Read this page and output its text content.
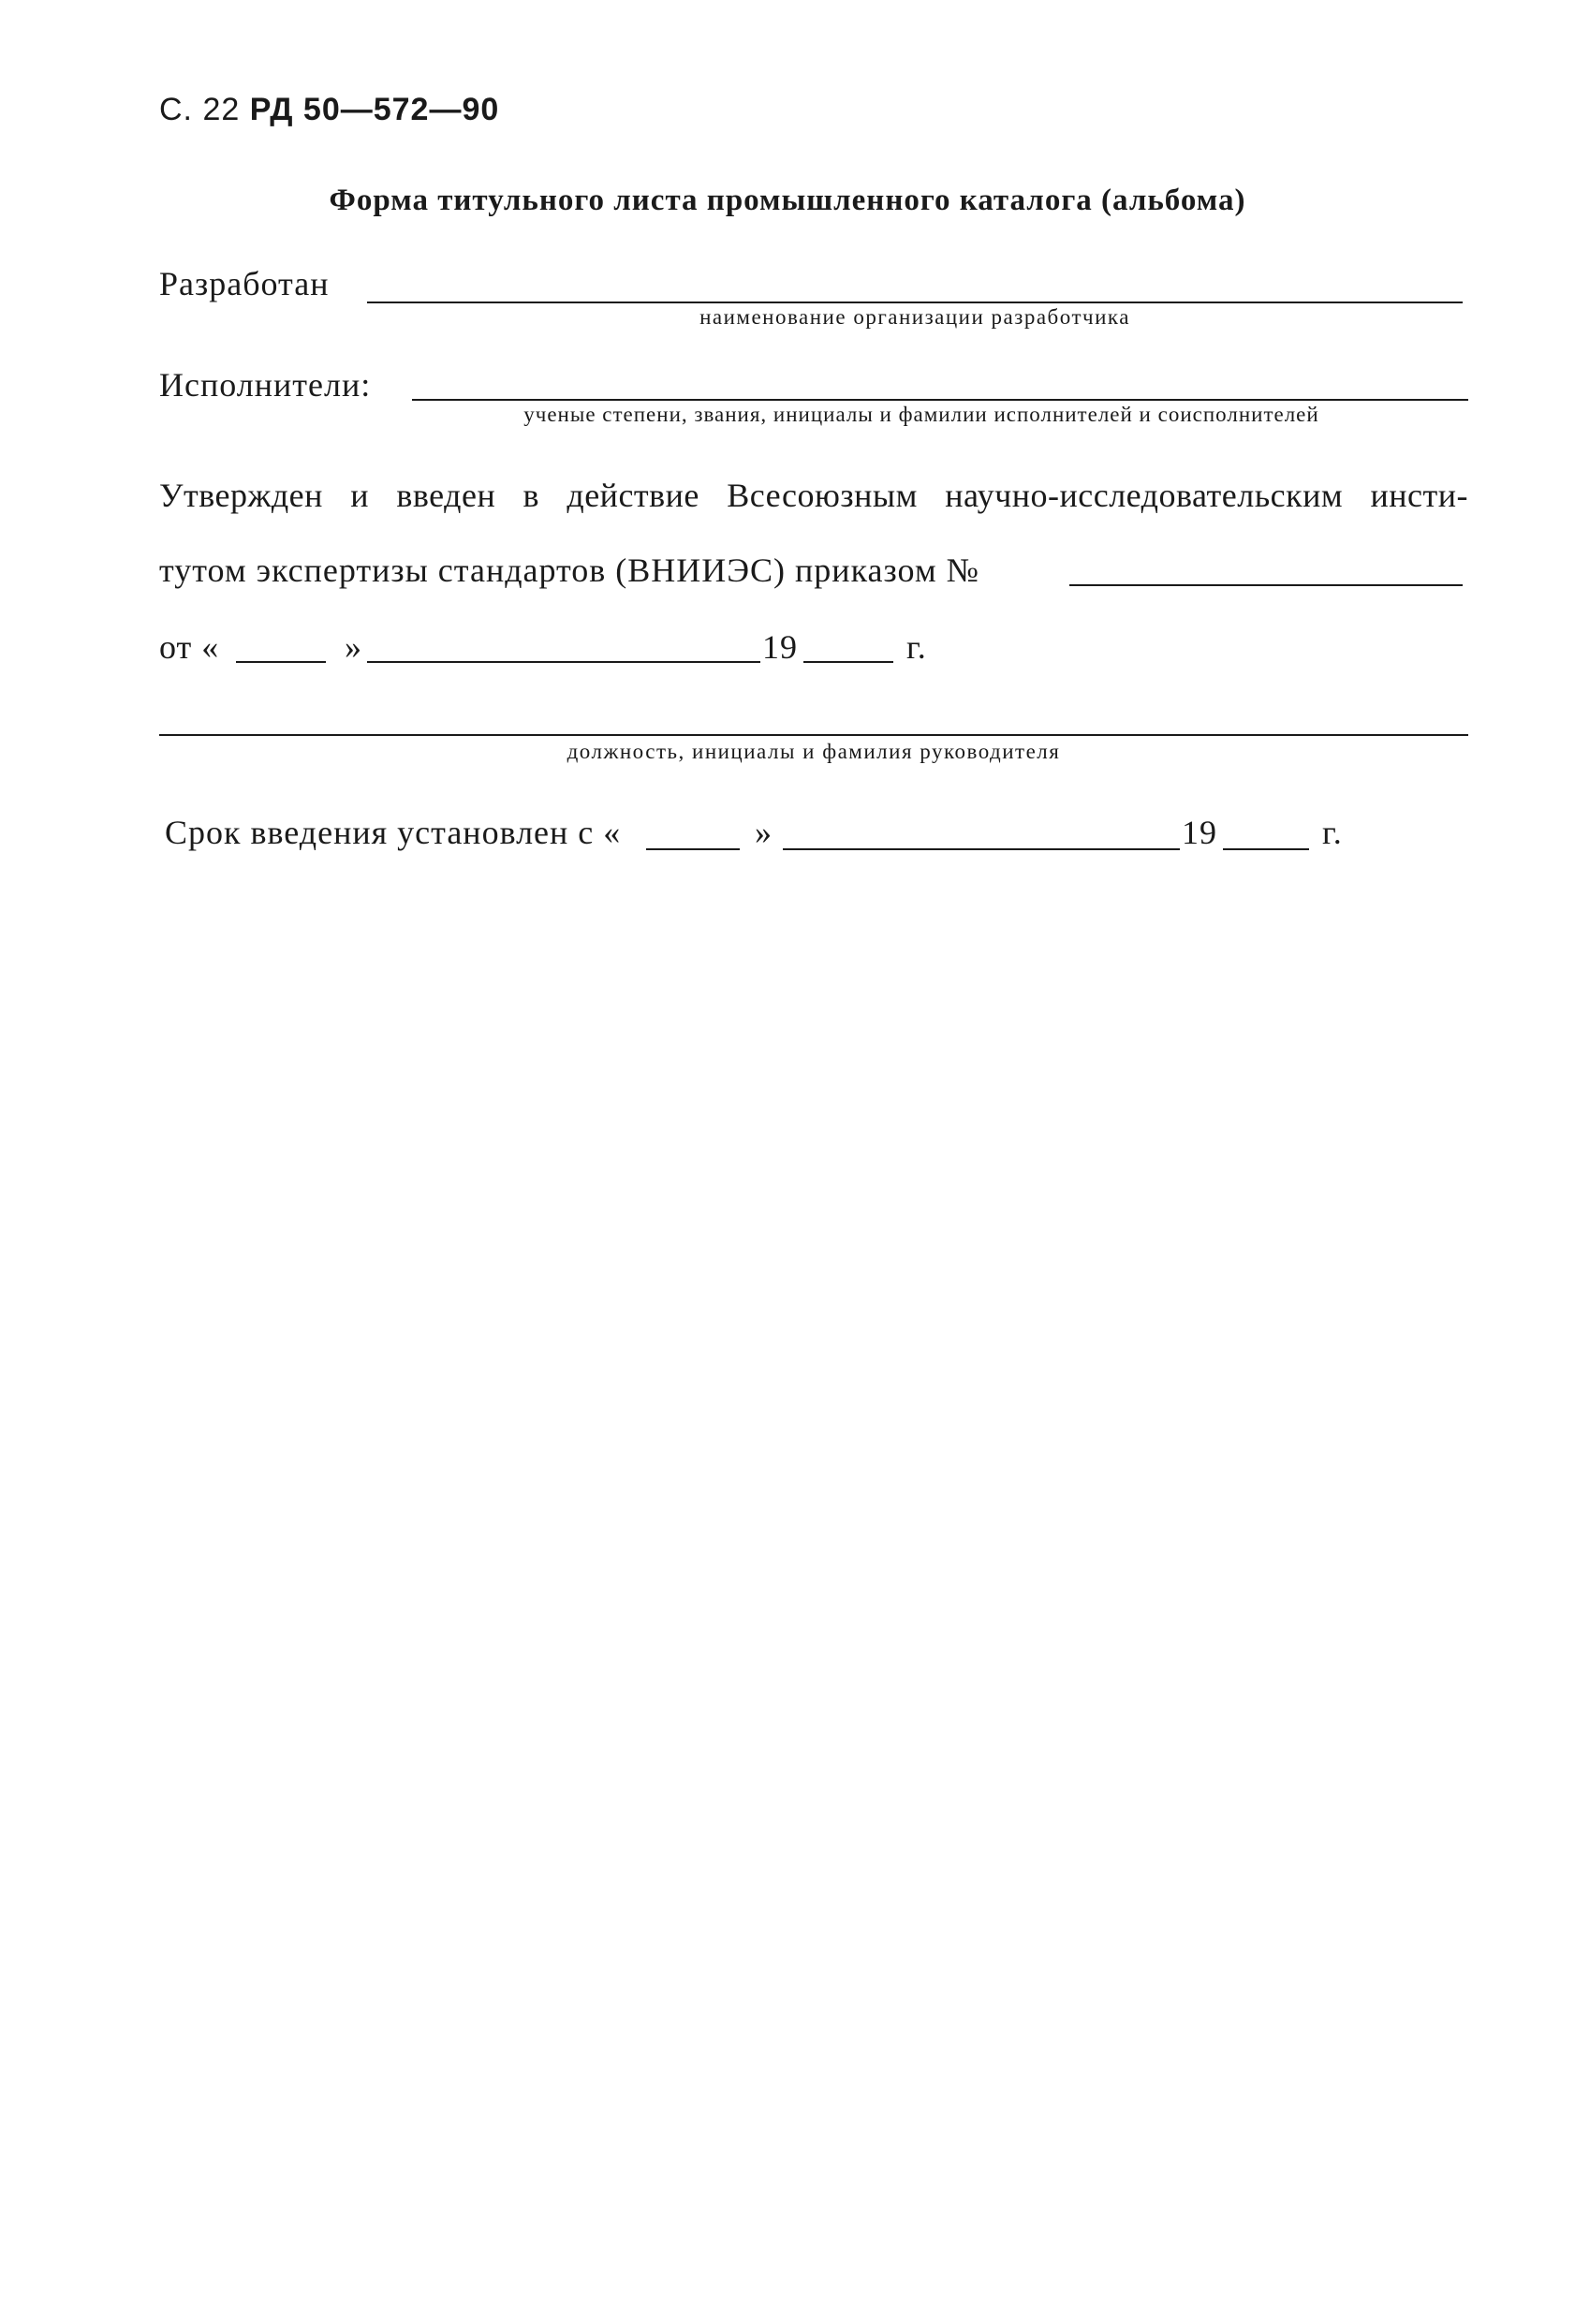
С. 22 РД 50—572—90
Форма титульного листа промышленного каталога (альбома)
Разработан
наименование организации разработчика
Исполнители:
ученые степени, звания, инициалы и фамилии исполнителей и соисполнителей
Утвержден и введен в действие Всесоюзным научно-исследовательским инсти-
тутом экспертизы стандартов (ВНИИЭС) приказом №
от «	»	19	г.
должность, инициалы и фамилия руководителя
Срок введения установлен с «	»	19	г.
